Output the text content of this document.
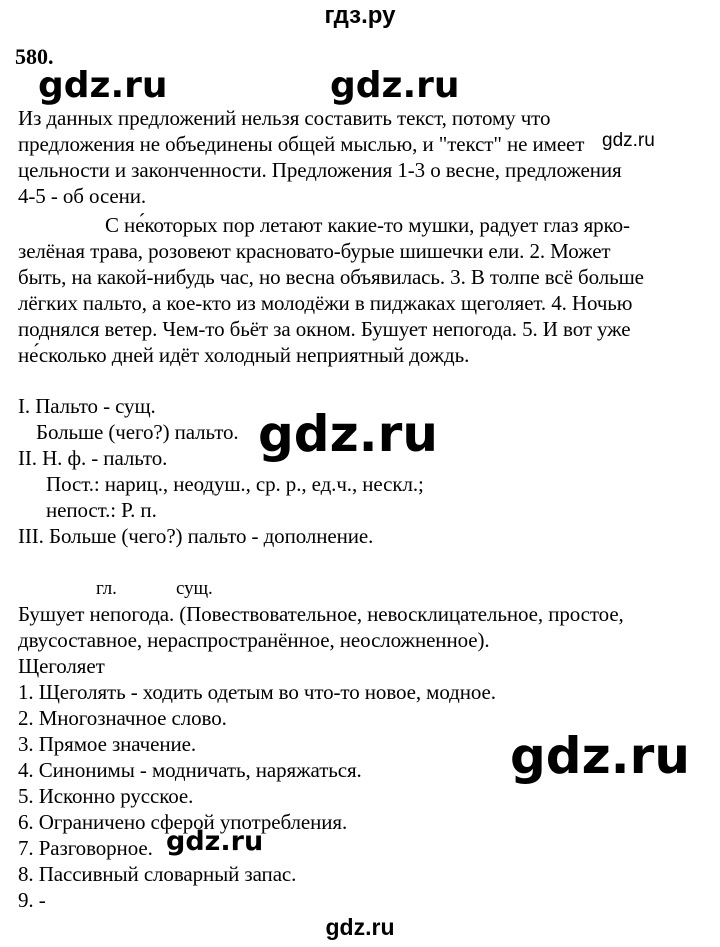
гдз.ру
580.
Из данных предложений нельзя составить текст, потому что
предложения не объединены общей мыслью, и "текст" не имеет
цельности и законченности. Предложения 1-3 о весне, предложения
4-5 - об осени.
С не́которых пор летают какие-то мушки, радует глаз ярко-
зелёная трава, розовеют красновато-бурые шишечки ели. 2. Может
быть, на какой-нибудь час, но весна объявилась. 3. В толпе всё больше
лёгких пальто, а кое-кто из молодёжи в пиджаках щеголяет. 4. Ночью
поднялся ветер. Чем-то бьёт за окном. Бушует непогода. 5. И вот уже
не́сколько дней идёт холодный неприятный дождь.
I. Пальто - сущ.
Больше (чего?) пальто.
II. Н. ф. - пальто.
Пост.: нариц., неодуш., ср. р., ед.ч., нескл.;
непост.: Р. п.
III. Больше (чего?) пальто - дополнение.
гл.	сущ.
Бушует непогода. (Повествовательное, невосклицательное, простое,
двусоставное, нераспространённое, неосложненное).
Щеголяет
1. Щеголять - ходить одетым во что-то новое, модное.
2. Многозначное слово.
3. Прямое значение.
4. Синонимы - модничать, наряжаться.
5. Исконно русское.
6. Ограничено сферой употребления.
7. Разговорное.
8. Пассивный словарный запас.
9. -
gdz.ru	gdz.ru
gdz.ru
gdz.ru
gdz.ru
gdz.ru
gdz.ru
